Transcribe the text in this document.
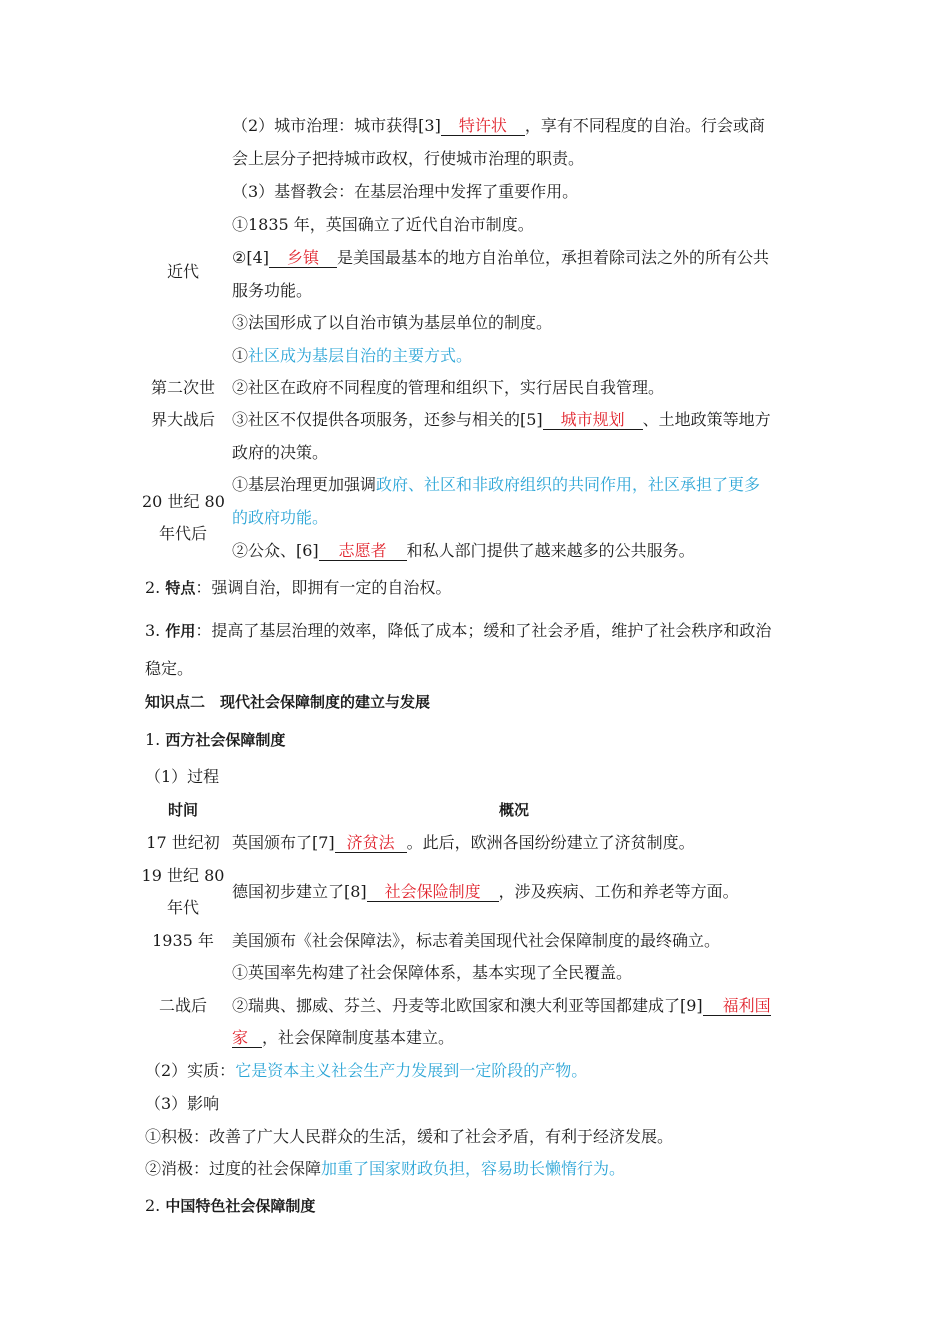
近代
（2）城市治理：城市获得[3] 特许状 ，享有不同程度的自治。行会或商
会上层分子把持城市政权，行使城市治理的职责。
（3）基督教会：在基层治理中发挥了重要作用。
①1835 年，英国确立了近代自治市制度。
②[4] 乡镇 是美国最基本的地方自治单位，承担着除司法之外的所有公共
服务功能。
③法国形成了以自治市镇为基层单位的制度。
第二次世
界大战后
①社区成为基层自治的主要方式。
②社区在政府不同程度的管理和组织下，实行居民自我管理。
③社区不仅提供各项服务，还参与相关的[5] 城市规划 、土地政策等地方
政府的决策。
20 世纪 80
年代后
①基层治理更加强调政府、社区和非政府组织的共同作用，社区承担了更多
的政府功能。
②公众、[6] 志愿者 和私人部门提供了越来越多的公共服务。
2. 特点：强调自治，即拥有一定的自治权。
3. 作用：提高了基层治理的效率，降低了成本；缓和了社会矛盾，维护了社会秩序和政治
稳定。
知识点二　现代社会保障制度的建立与发展
1. 西方社会保障制度
（1）过程
时间	概况
17 世纪初 英国颁布了[7] 济贫法 。此后，欧洲各国纷纷建立了济贫制度。
19 世纪 80
年代
德国初步建立了[8] 社会保险制度 ，涉及疾病、工伤和养老等方面。
1935 年	美国颁布《社会保障法》，标志着美国现代社会保障制度的最终确立。
二战后
①英国率先构建了社会保障体系，基本实现了全民覆盖。
②瑞典、挪威、芬兰、丹麦等北欧国家和澳大利亚等国都建成了[9] 福利国
家 ，社会保障制度基本建立。
（2）实质：它是资本主义社会生产力发展到一定阶段的产物。
（3）影响
①积极：改善了广大人民群众的生活，缓和了社会矛盾，有利于经济发展。
②消极：过度的社会保障加重了国家财政负担，容易助长懒惰行为。
2. 中国特色社会保障制度
